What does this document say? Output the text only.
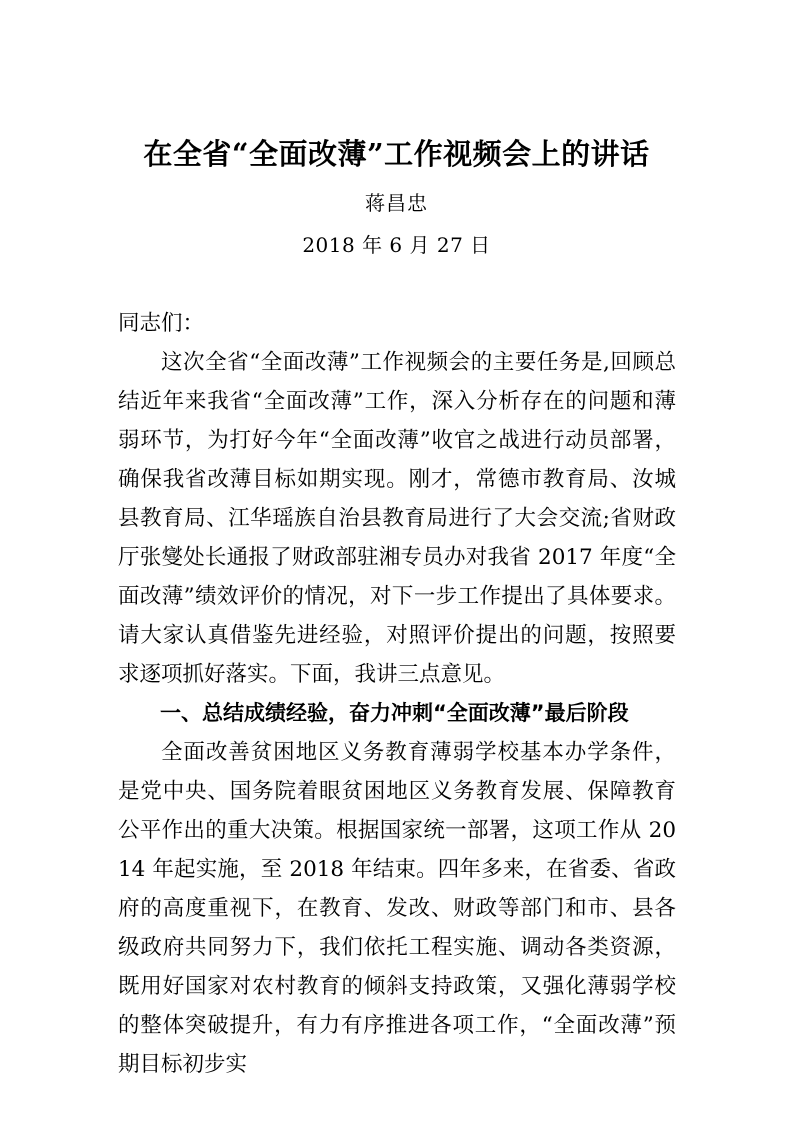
在全省“全面改薄”工作视频会上的讲话
蒋昌忠
2018 年 6 月 27 日

同志们：

这次全省“全面改薄”工作视频会的主要任务是,回顾总结近年来我省“全面改薄”工作，深入分析存在的问题和薄弱环节，为打好今年“全面改薄”收官之战进行动员部署，确保我省改薄目标如期实现。刚才，常德市教育局、汝城县教育局、江华瑶族自治县教育局进行了大会交流;省财政厅张燮处长通报了财政部驻湘专员办对我省 2017 年度“全面改薄”绩效评价的情况，对下一步工作提出了具体要求。请大家认真借鉴先进经验，对照评价提出的问题，按照要求逐项抓好落实。下面，我讲三点意见。

一、总结成绩经验，奋力冲刺“全面改薄”最后阶段

全面改善贫困地区义务教育薄弱学校基本办学条件，是党中央、国务院着眼贫困地区义务教育发展、保障教育公平作出的重大决策。根据国家统一部署，这项工作从 2014 年起实施，至 2018 年结束。四年多来，在省委、省政府的高度重视下，在教育、发改、财政等部门和市、县各级政府共同努力下，我们依托工程实施、调动各类资源，既用好国家对农村教育的倾斜支持政策，又强化薄弱学校的整体突破提升，有力有序推进各项工作，“全面改薄”预期目标初步实
